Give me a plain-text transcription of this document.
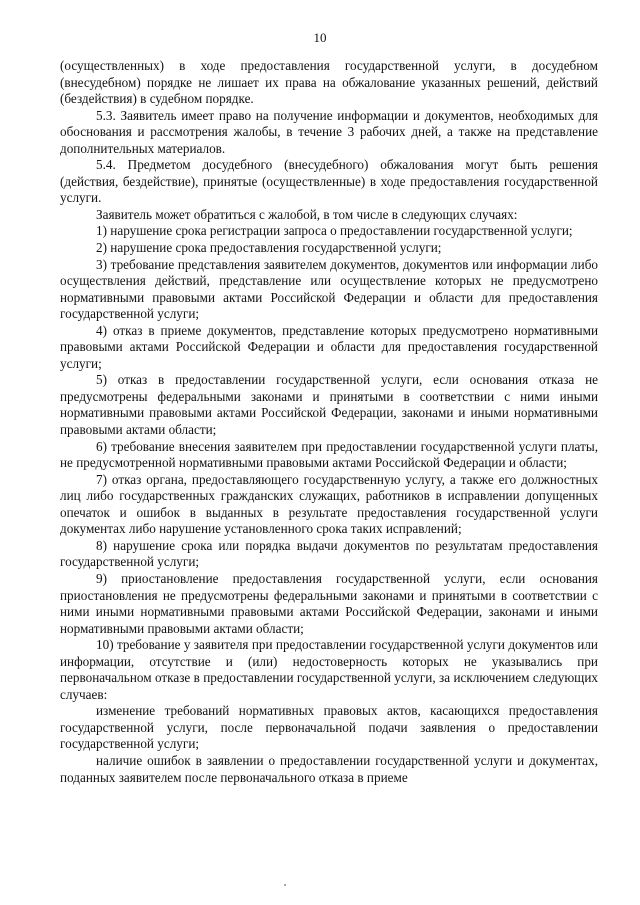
10

(осуществленных) в ходе предоставления государственной услуги, в досудебном (внесудебном) порядке не лишает их права на обжалование указанных решений, действий (бездействия) в судебном порядке.

5.3. Заявитель имеет право на получение информации и документов, необходимых для обоснования и рассмотрения жалобы, в течение 3 рабочих дней, а также на представление дополнительных материалов.

5.4. Предметом досудебного (внесудебного) обжалования могут быть решения (действия, бездействие), принятые (осуществленные) в ходе предоставления государственной услуги.

Заявитель может обратиться с жалобой, в том числе в следующих случаях:

1) нарушение срока регистрации запроса о предоставлении государственной услуги;

2) нарушение срока предоставления государственной услуги;

3) требование представления заявителем документов, документов или информации либо осуществления действий, представление или осуществление которых не предусмотрено нормативными правовыми актами Российской Федерации и области для предоставления государственной услуги;

4) отказ в приеме документов, представление которых предусмотрено нормативными правовыми актами Российской Федерации и области для предоставления государственной услуги;

5) отказ в предоставлении государственной услуги, если основания отказа не предусмотрены федеральными законами и принятыми в соответствии с ними иными нормативными правовыми актами Российской Федерации, законами и иными нормативными правовыми актами области;

6) требование внесения заявителем при предоставлении государственной услуги платы, не предусмотренной нормативными правовыми актами Российской Федерации и области;

7) отказ органа, предоставляющего государственную услугу, а также его должностных лиц либо государственных гражданских служащих, работников в исправлении допущенных опечаток и ошибок в выданных в результате предоставления государственной услуги документах либо нарушение установленного срока таких исправлений;

8) нарушение срока или порядка выдачи документов по результатам предоставления государственной услуги;

9) приостановление предоставления государственной услуги, если основания приостановления не предусмотрены федеральными законами и принятыми в соответствии с ними иными нормативными правовыми актами Российской Федерации, законами и иными нормативными правовыми актами области;

10) требование у заявителя при предоставлении государственной услуги документов или информации, отсутствие и (или) недостоверность которых не указывались при первоначальном отказе в предоставлении государственной услуги, за исключением следующих случаев:

изменение требований нормативных правовых актов, касающихся предоставления государственной услуги, после первоначальной подачи заявления о предоставлении государственной услуги;

наличие ошибок в заявлении о предоставлении государственной услуги и документах, поданных заявителем после первоначального отказа в приеме
